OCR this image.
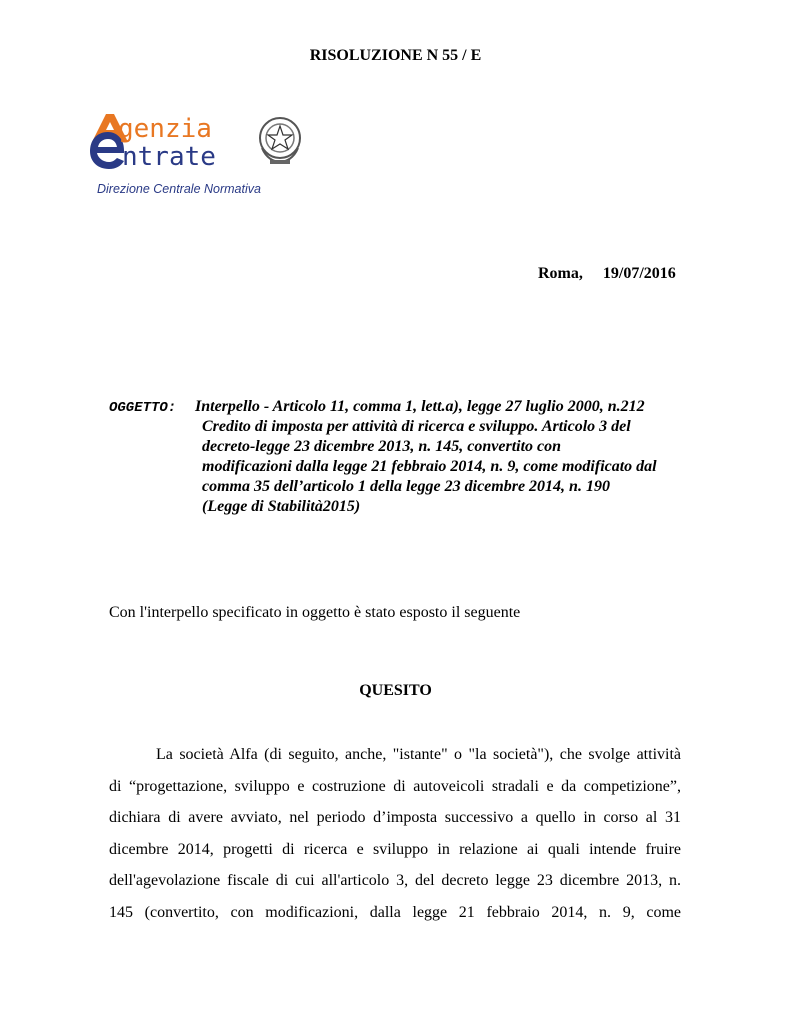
RISOLUZIONE N 55 / E
genzia
ntrate
Direzione Centrale Normativa
Roma, 19/07/2016
OGGETTO: Interpello - Articolo 11, comma 1, lett.a), legge 27 luglio 2000, n.212
Credito di imposta per attività di ricerca e sviluppo. Articolo 3 del
decreto-legge 23 dicembre 2013, n. 145, convertito con
modificazioni dalla legge 21 febbraio 2014, n. 9, come modificato dal
comma 35 dell’articolo 1 della legge 23 dicembre 2014, n. 190
(Legge di Stabilità2015)
Con l'interpello specificato in oggetto è stato esposto il seguente
QUESITO
La società Alfa (di seguito, anche, "istante" o "la società"), che svolge attività
di “progettazione, sviluppo e costruzione di autoveicoli stradali e da competizione”,
dichiara di avere avviato, nel periodo d’imposta successivo a quello in corso al 31
dicembre 2014, progetti di ricerca e sviluppo in relazione ai quali intende fruire
dell'agevolazione fiscale di cui all'articolo 3, del decreto legge 23 dicembre 2013, n.
145 (convertito, con modificazioni, dalla legge 21 febbraio 2014, n. 9, come
